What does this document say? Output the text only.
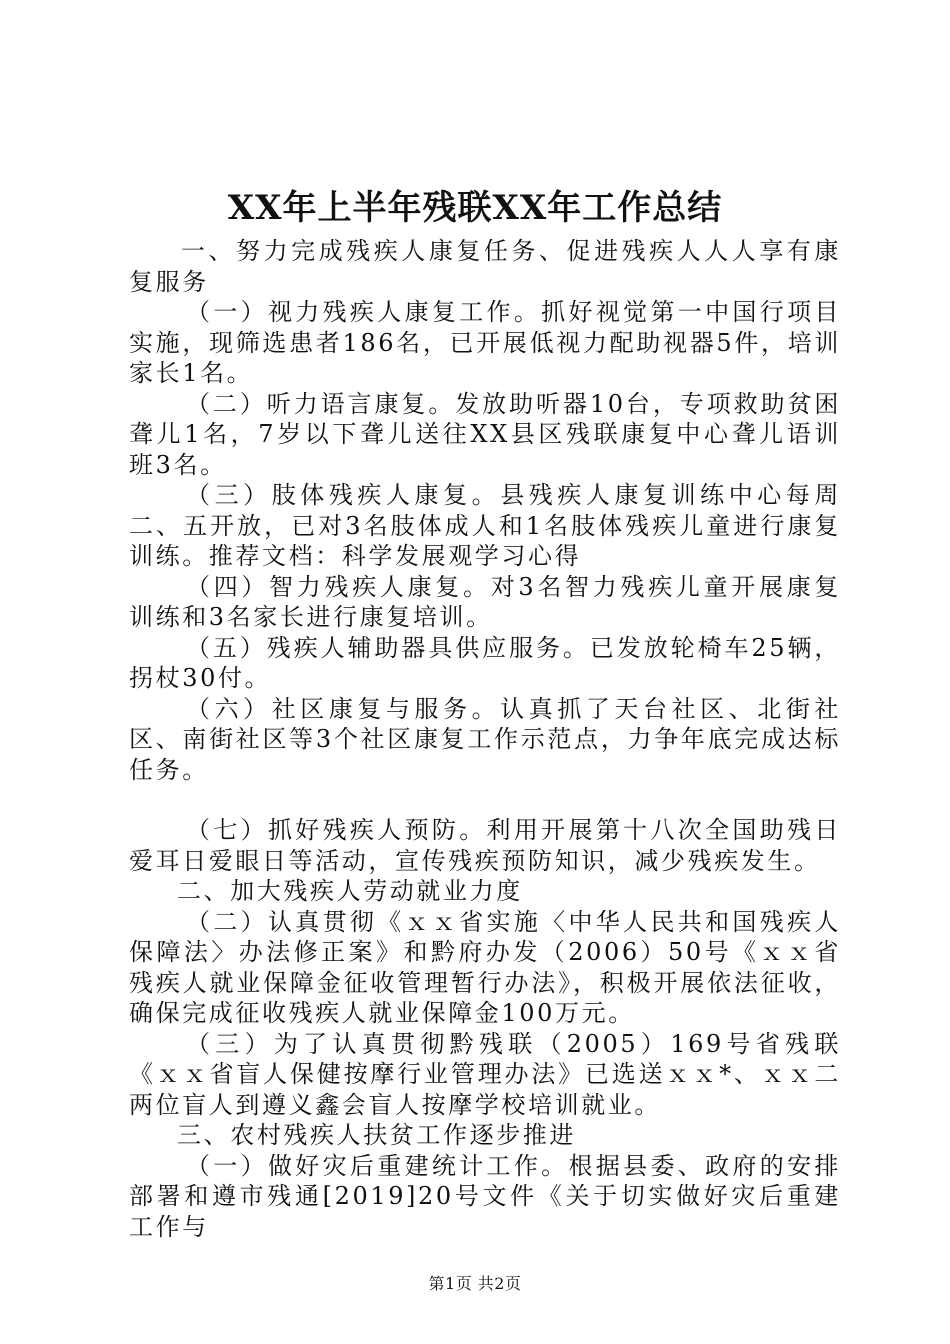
XX年上半年残联XX年工作总结

一、努力完成残疾人康复任务、促进残疾人人人享有康复服务

（一）视力残疾人康复工作。抓好视觉第一中国行项目实施，现筛选患者186名，已开展低视力配助视器5件，培训家长1名。

（二）听力语言康复。发放助听器10台，专项救助贫困聋儿1名，7岁以下聋儿送往XX县区残联康复中心聋儿语训班3名。

（三）肢体残疾人康复。县残疾人康复训练中心每周二、五开放，已对3名肢体成人和1名肢体残疾儿童进行康复训练。推荐文档：科学发展观学习心得

（四）智力残疾人康复。对3名智力残疾儿童开展康复训练和3名家长进行康复培训。

（五）残疾人辅助器具供应服务。已发放轮椅车25辆，拐杖30付。

（六）社区康复与服务。认真抓了天台社区、北街社区、南街社区等3个社区康复工作示范点，力争年底完成达标任务。

（七）抓好残疾人预防。利用开展第十八次全国助残日爱耳日爱眼日等活动，宣传残疾预防知识，减少残疾发生。

二、加大残疾人劳动就业力度

（二）认真贯彻《ｘｘ省实施〈中华人民共和国残疾人保障法〉办法修正案》和黔府办发（2006）50号《ｘｘ省残疾人就业保障金征收管理暂行办法》，积极开展依法征收，确保完成征收残疾人就业保障金100万元。

（三）为了认真贯彻黔残联（2005）169号省残联《ｘｘ省盲人保健按摩行业管理办法》已选送ｘｘ*、ｘｘ二两位盲人到遵义鑫会盲人按摩学校培训就业。

三、农村残疾人扶贫工作逐步推进

（一）做好灾后重建统计工作。根据县委、政府的安排部署和遵市残通[2019]20号文件《关于切实做好灾后重建工作与

第1页 共2页
